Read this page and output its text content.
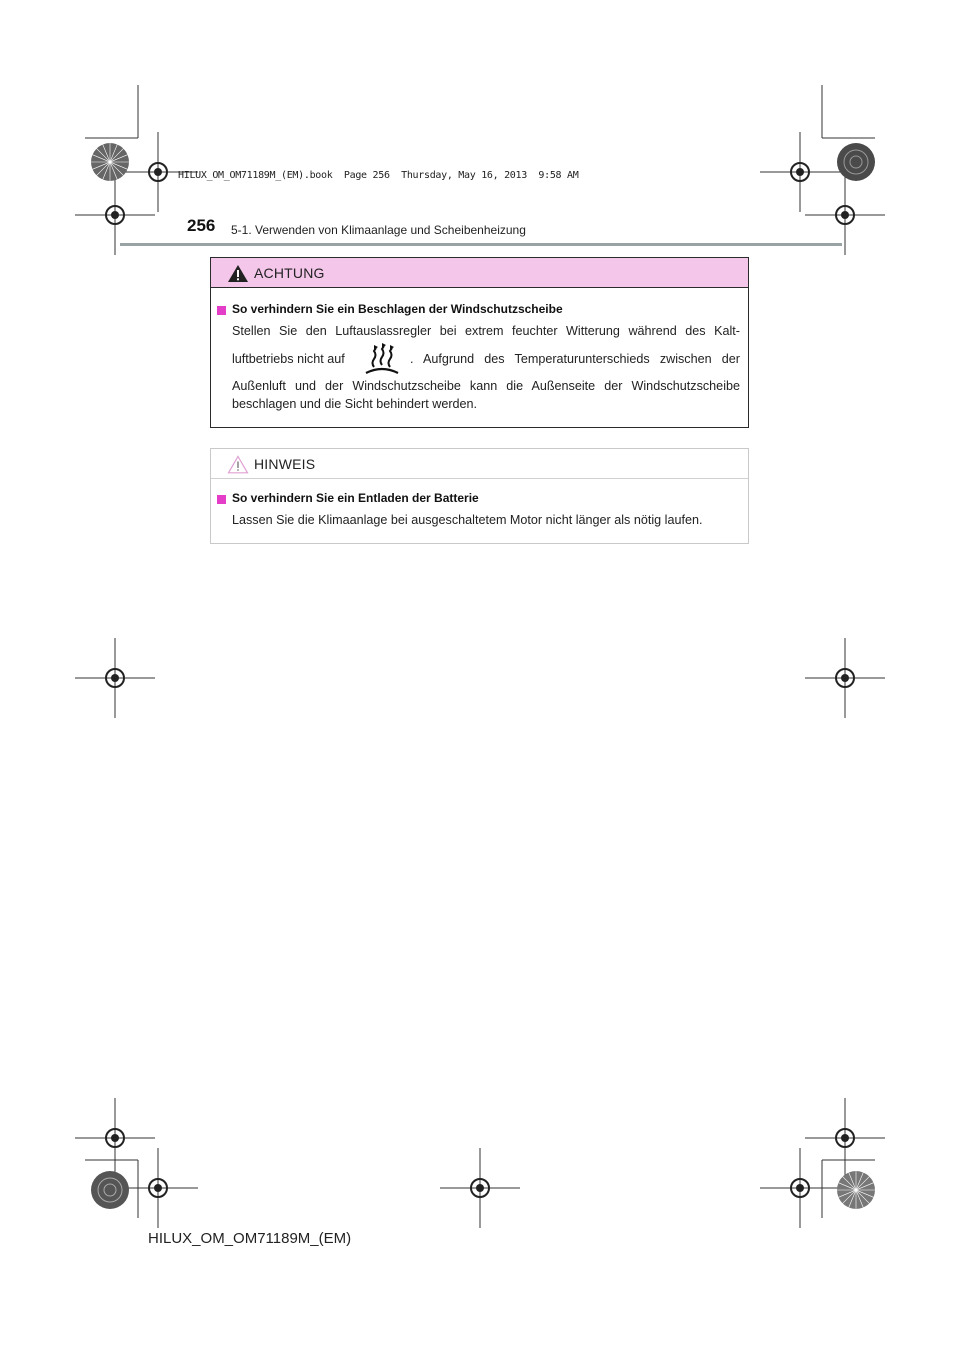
HILUX_OM_OM71189M_(EM).book  Page 256  Thursday, May 16, 2013  9:58 AM
256 5-1. Verwenden von Klimaanlage und Scheibenheizung
ACHTUNG
So verhindern Sie ein Beschlagen der Windschutzscheibe
Stellen Sie den Luftauslassregler bei extrem feuchter Witterung während des Kalt-
luftbetriebs nicht auf	. Aufgrund des Temperaturunterschieds zwischen der
Außenluft und der Windschutzscheibe kann die Außenseite der Windschutzscheibe
beschlagen und die Sicht behindert werden.
HINWEIS
So verhindern Sie ein Entladen der Batterie
Lassen Sie die Klimaanlage bei ausgeschaltetem Motor nicht länger als nötig laufen.
HILUX_OM_OM71189M_(EM)
